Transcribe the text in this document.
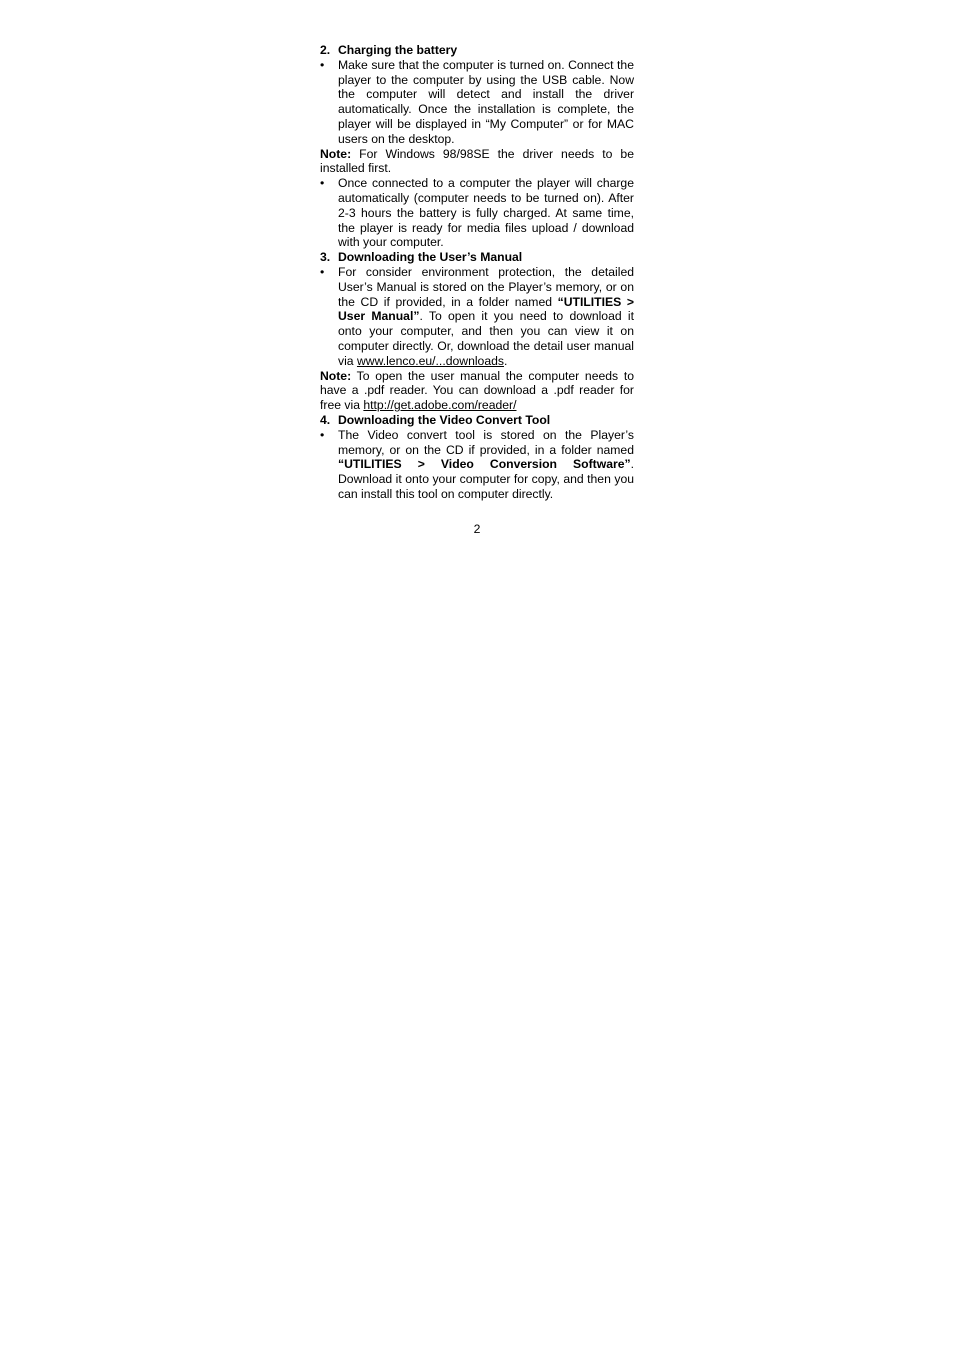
2. Charging the battery
•	Make sure that the computer is turned on. Connect the player to the computer by using the USB cable. Now the computer will detect and install the driver automatically. Once the installation is complete, the player will be displayed in “My Computer” or for MAC users on the desktop.

Note: For Windows 98/98SE the driver needs to be installed first.

•	Once connected to a computer the player will charge automatically (computer needs to be turned on). After 2-3 hours the battery is fully charged. At same time, the player is ready for media files upload / download with your computer.
3. Downloading the User’s Manual
•	For consider environment protection, the detailed User’s Manual is stored on the Player’s memory, or on the CD if provided, in a folder named “UTILITIES > User Manual”. To open it you need to download it onto your computer, and then you can view it on computer directly. Or, download the detail user manual via www.lenco.eu/...downloads.

Note: To open the user manual the computer needs to have a .pdf reader. You can download a .pdf reader for free via http://get.adobe.com/reader/

4. Downloading the Video Convert Tool
•	The Video convert tool is stored on the Player’s memory, or on the CD if provided, in a folder named “UTILITIES > Video Conversion Software”. Download it onto your computer for copy, and then you can install this tool on computer directly.
2
